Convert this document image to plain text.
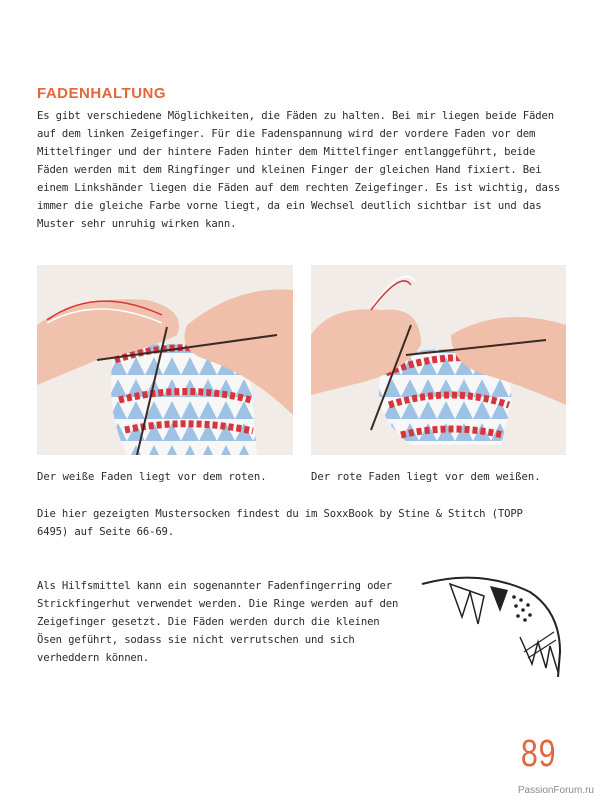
FADENHALTUNG

Es gibt verschiedene Möglichkeiten, die Fäden zu halten. Bei mir liegen beide Fäden auf dem linken Zeigefinger. Für die Fadenspannung wird der vordere Faden vor dem Mittelfinger und der hintere Faden hinter dem Mittelfinger entlanggeführt, beide Fäden werden mit dem Ringfinger und kleinen Finger der gleichen Hand fixiert. Bei einem Linkshänder liegen die Fäden auf dem rechten Zeigefinger. Es ist wichtig, dass immer die gleiche Farbe vorne liegt, da ein Wechsel deutlich sichtbar ist und das Muster sehr unruhig wirken kann.

Der weiße Faden liegt vor dem roten.	Der rote Faden liegt vor dem weißen.

Die hier gezeigten Mustersocken findest du im SoxxBook by Stine & Stitch (TOPP 6495) auf Seite 66-69.

Als Hilfsmittel kann ein sogenannter Fadenfingerring oder Strickfingerhut verwendet werden. Die Ringe werden auf den Zeigefinger gesetzt. Die Fäden werden durch die kleinen Ösen geführt, sodass sie nicht verrutschen und sich verheddern können.

89
PassionForum.ru
